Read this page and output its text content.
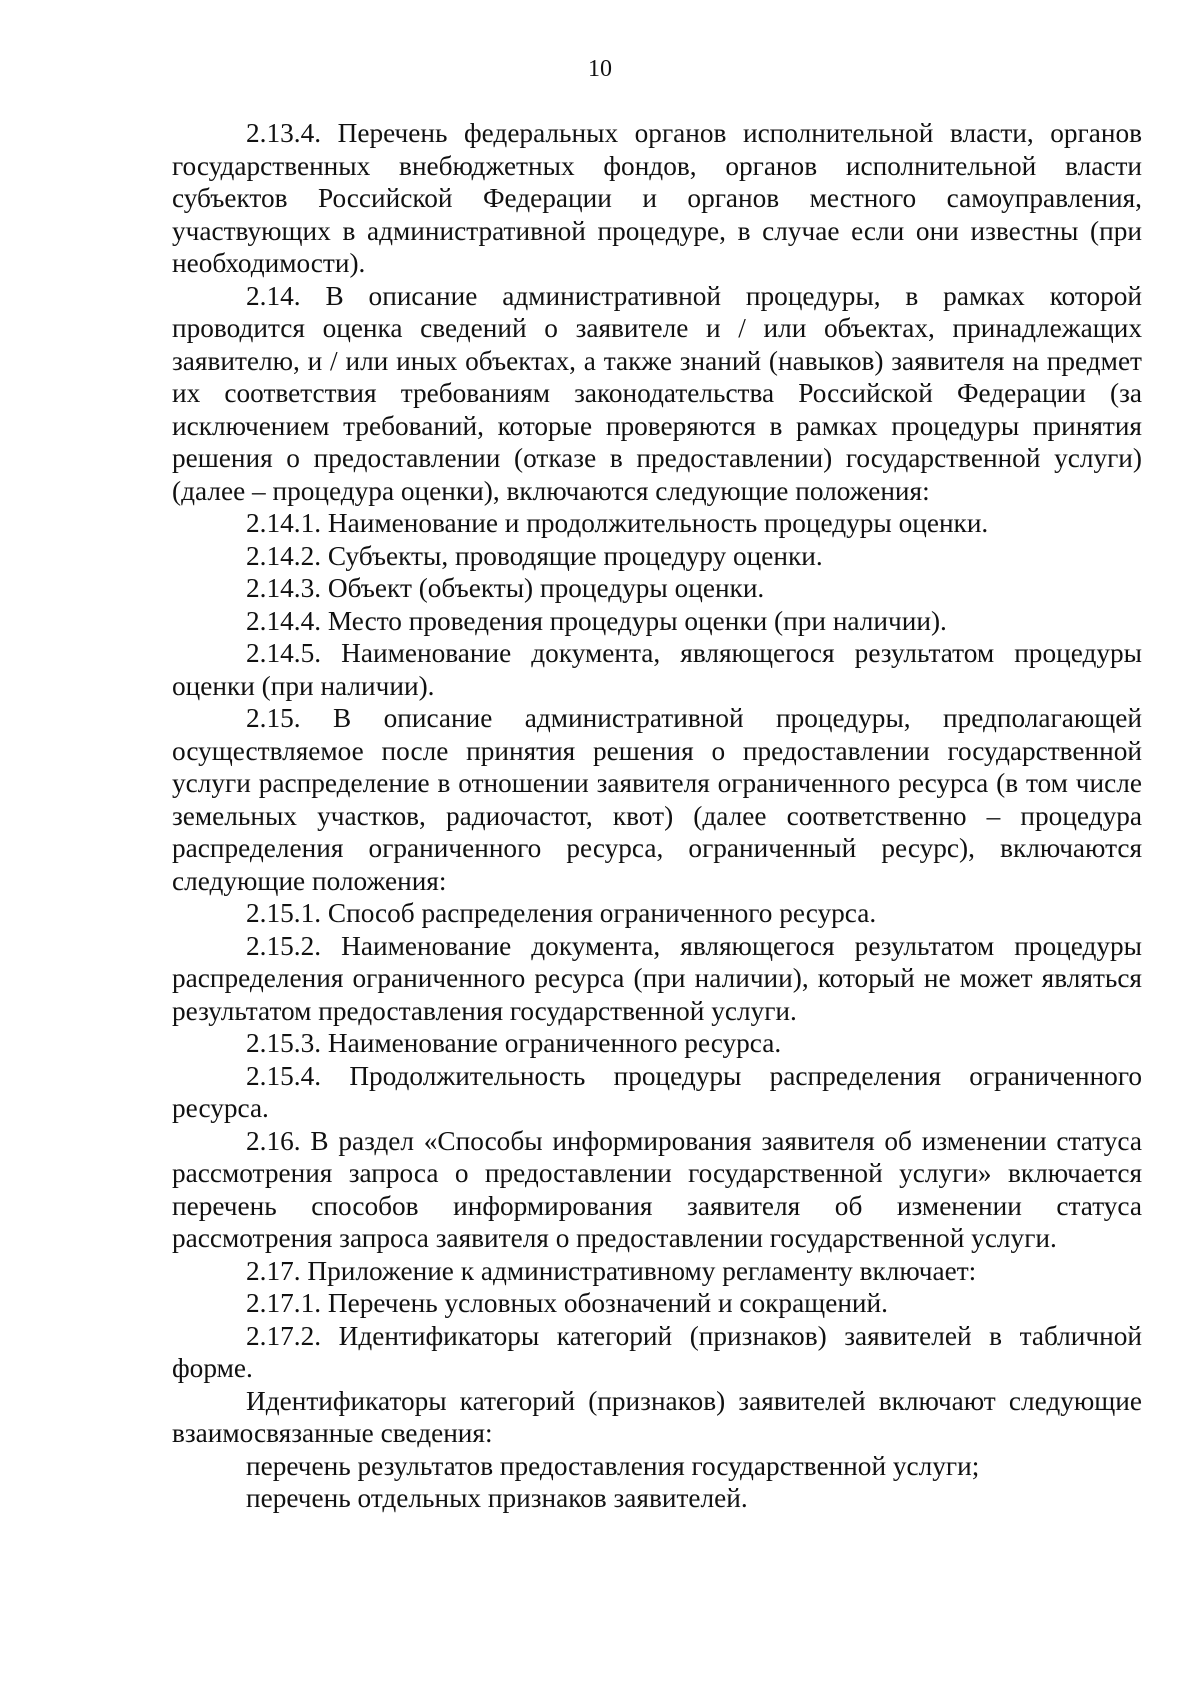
10

2.13.4. Перечень федеральных органов исполнительной власти, органов государственных внебюджетных фондов, органов исполнительной власти субъектов Российской Федерации и органов местного самоуправления, участвующих в административной процедуре, в случае если они известны (при необходимости).

2.14. В описание административной процедуры, в рамках которой проводится оценка сведений о заявителе и / или объектах, принадлежащих заявителю, и / или иных объектах, а также знаний (навыков) заявителя на предмет их соответствия требованиям законодательства Российской Федерации (за исключением требований, которые проверяются в рамках процедуры принятия решения о предоставлении (отказе в предоставлении) государственной услуги) (далее – процедура оценки), включаются следующие положения:

2.14.1. Наименование и продолжительность процедуры оценки.

2.14.2. Субъекты, проводящие процедуру оценки.

2.14.3. Объект (объекты) процедуры оценки.

2.14.4. Место проведения процедуры оценки (при наличии).

2.14.5. Наименование документа, являющегося результатом процедуры оценки (при наличии).

2.15. В описание административной процедуры, предполагающей осуществляемое после принятия решения о предоставлении государственной услуги распределение в отношении заявителя ограниченного ресурса (в том числе земельных участков, радиочастот, квот) (далее соответственно – процедура распределения ограниченного ресурса, ограниченный ресурс), включаются следующие положения:

2.15.1. Способ распределения ограниченного ресурса.

2.15.2. Наименование документа, являющегося результатом процедуры распределения ограниченного ресурса (при наличии), который не может являться результатом предоставления государственной услуги.

2.15.3. Наименование ограниченного ресурса.

2.15.4. Продолжительность процедуры распределения ограниченного ресурса.

2.16. В раздел «Способы информирования заявителя об изменении статуса рассмотрения запроса о предоставлении государственной услуги» включается перечень способов информирования заявителя об изменении статуса рассмотрения запроса заявителя о предоставлении государственной услуги.

2.17. Приложение к административному регламенту включает:

2.17.1. Перечень условных обозначений и сокращений.

2.17.2. Идентификаторы категорий (признаков) заявителей в табличной форме.

Идентификаторы категорий (признаков) заявителей включают следующие взаимосвязанные сведения:

перечень результатов предоставления государственной услуги;

перечень отдельных признаков заявителей.
